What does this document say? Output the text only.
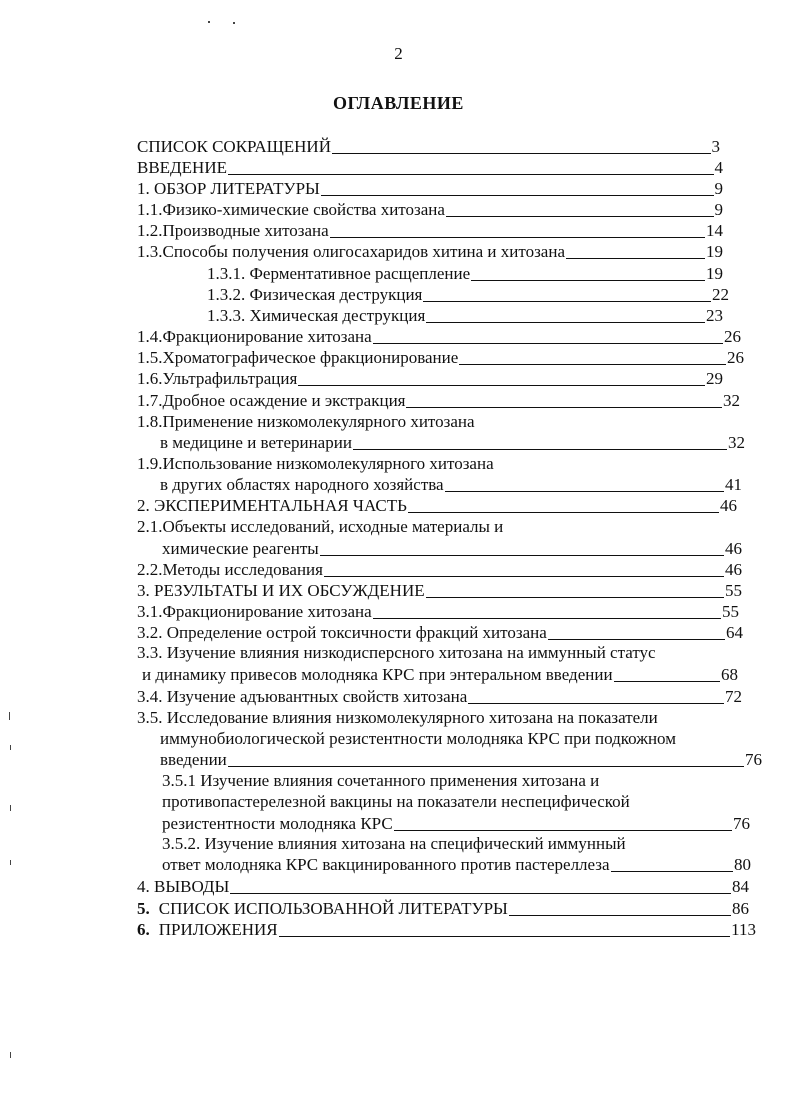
2
ОГЛАВЛЕНИЕ
СПИСОК СОКРАЩЕНИЙ	3
ВВЕДЕНИЕ	4
1. ОБЗОР ЛИТЕРАТУРЫ	9
1.1.Физико-химические свойства хитозана	9
1.2.Производные хитозана	14
1.3.Способы получения олигосахаридов хитина и хитозана	19
1.3.1. Ферментативное расщепление	19
1.3.2. Физическая деструкция	22
1.3.3. Химическая деструкция	23
1.4.Фракционирование хитозана	26
1.5.Хроматографическое фракционирование	26
1.6.Ультрафильтрация	29
1.7.Дробное осаждение и экстракция	32
1.8.Применение низкомолекулярного хитозана
в медицине и ветеринарии	32
1.9.Использование низкомолекулярного хитозана
в других областях народного хозяйства	41
2. ЭКСПЕРИМЕНТАЛЬНАЯ ЧАСТЬ	46
2.1.Объекты исследований, исходные материалы и
химические реагенты	46
2.2.Методы исследования	46
3. РЕЗУЛЬТАТЫ И ИХ ОБСУЖДЕНИЕ	55
3.1.Фракционирование хитозана	55
3.2. Определение острой токсичности фракций хитозана	64
3.3. Изучение влияния низкодисперсного хитозана на иммунный статус
и динамику привесов молодняка КРС при энтеральном введении	68
3.4. Изучение адъювантных свойств хитозана	72
3.5. Исследование влияния низкомолекулярного хитозана на показатели
иммунобиологической резистентности молодняка КРС при подкожном
введении	76
3.5.1 Изучение влияния сочетанного применения хитозана и
противопастерелезной вакцины на показатели неспецифической
резистентности молодняка КРС	76
3.5.2. Изучение влияния хитозана на специфический иммунный
ответ молодняка КРС вакцинированного против пастереллеза	80
4. ВЫВОДЫ	84
5. СПИСОК ИСПОЛЬЗОВАННОЙ ЛИТЕРАТУРЫ	86
6. ПРИЛОЖЕНИЯ	113
